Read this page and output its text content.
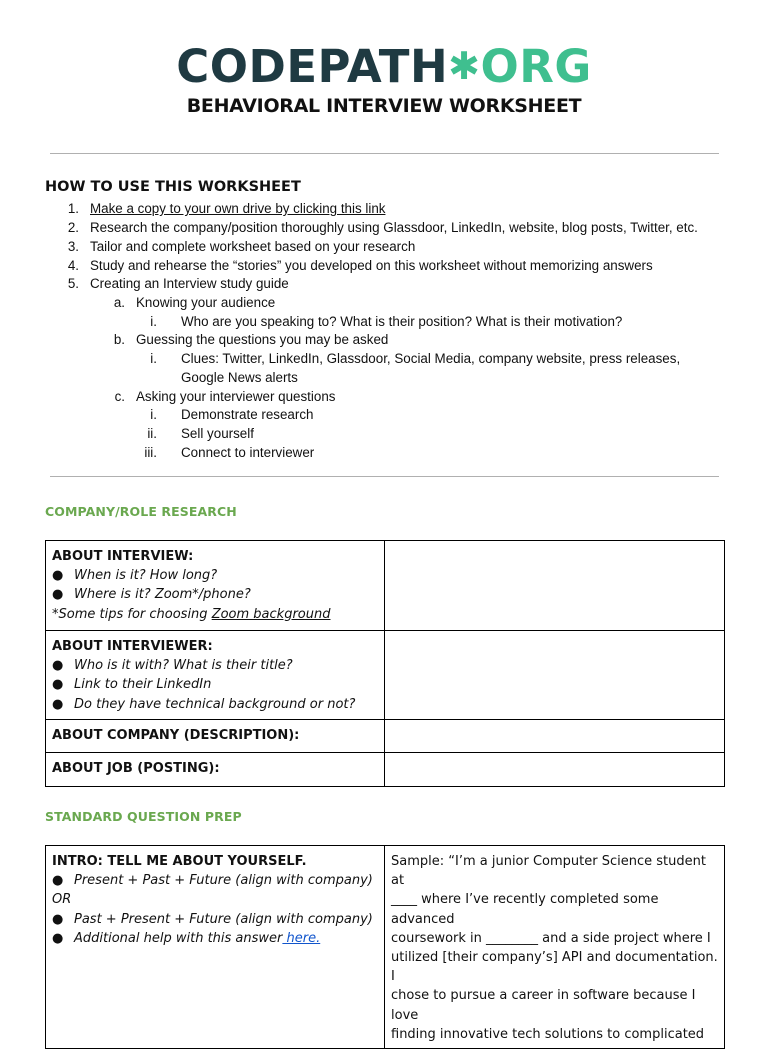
CODEPATH✱ORG
BEHAVIORAL INTERVIEW WORKSHEET
HOW TO USE THIS WORKSHEET
1. Make a copy to your own drive by clicking this link
2. Research the company/position thoroughly using Glassdoor, LinkedIn, website, blog posts, Twitter, etc.
3. Tailor and complete worksheet based on your research
4. Study and rehearse the “stories” you developed on this worksheet without memorizing answers
5. Creating an Interview study guide
a. Knowing your audience
i. Who are you speaking to? What is their position? What is their motivation?
b. Guessing the questions you may be asked
i. Clues: Twitter, LinkedIn, Glassdoor, Social Media, company website, press releases,
Google News alerts
c. Asking your interviewer questions
i. Demonstrate research
ii. Sell yourself
iii. Connect to interviewer
COMPANY/ROLE RESEARCH
ABOUT INTERVIEW:
● When is it? How long?
● Where is it? Zoom*/phone?
*Some tips for choosing Zoom background	

ABOUT INTERVIEWER:
● Who is it with? What is their title?
● Link to their LinkedIn
● Do they have technical background or not?	

ABOUT COMPANY (DESCRIPTION):	

ABOUT JOB (POSTING):	

STANDARD QUESTION PREP
INTRO: TELL ME ABOUT YOURSELF.
● Present + Past + Future (align with company)
OR
● Past + Present + Future (align with company)
● Additional help with this answer here.

Sample: “I’m a junior Computer Science student at
____ where I’ve recently completed some advanced
coursework in ________ and a side project where I
utilized [their company’s] API and documentation. I
chose to pursue a career in software because I love
finding innovative tech solutions to complicated
